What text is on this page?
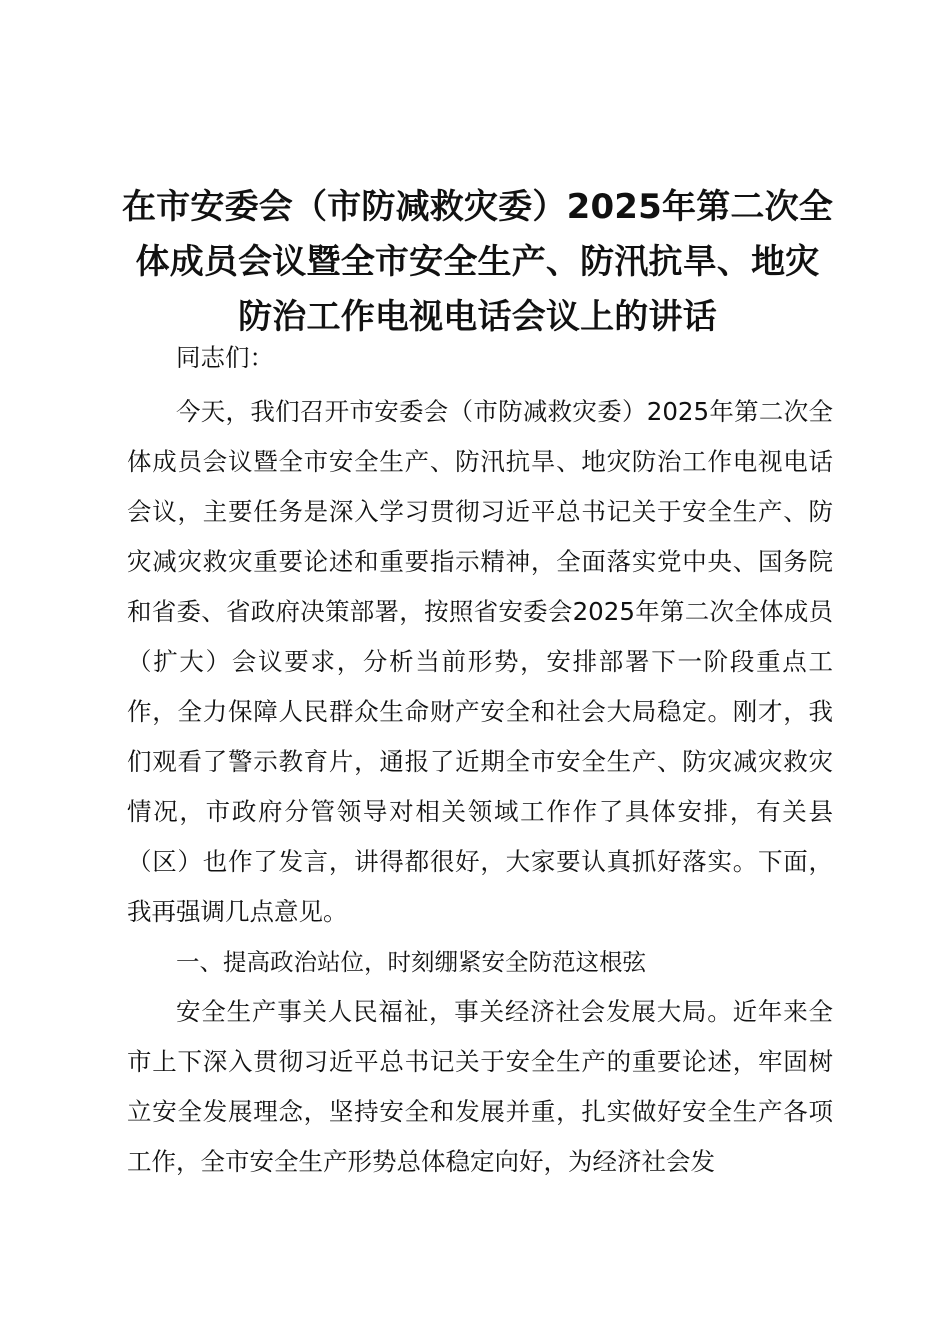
在市安委会（市防减救灾委）2025年第二次全体成员会议暨全市安全生产、防汛抗旱、地灾防治工作电视电话会议上的讲话

同志们：

今天，我们召开市安委会（市防减救灾委）2025年第二次全体成员会议暨全市安全生产、防汛抗旱、地灾防治工作电视电话会议，主要任务是深入学习贯彻习近平总书记关于安全生产、防灾减灾救灾重要论述和重要指示精神，全面落实党中央、国务院和省委、省政府决策部署，按照省安委会2025年第二次全体成员（扩大）会议要求，分析当前形势，安排部署下一阶段重点工作，全力保障人民群众生命财产安全和社会大局稳定。刚才，我们观看了警示教育片，通报了近期全市安全生产、防灾减灾救灾情况，市政府分管领导对相关领域工作作了具体安排，有关县（区）也作了发言，讲得都很好，大家要认真抓好落实。下面，我再强调几点意见。

一、提高政治站位，时刻绷紧安全防范这根弦

安全生产事关人民福祉，事关经济社会发展大局。近年来全市上下深入贯彻习近平总书记关于安全生产的重要论述，牢固树立安全发展理念，坚持安全和发展并重，扎实做好安全生产各项工作，全市安全生产形势总体稳定向好，为经济社会发
